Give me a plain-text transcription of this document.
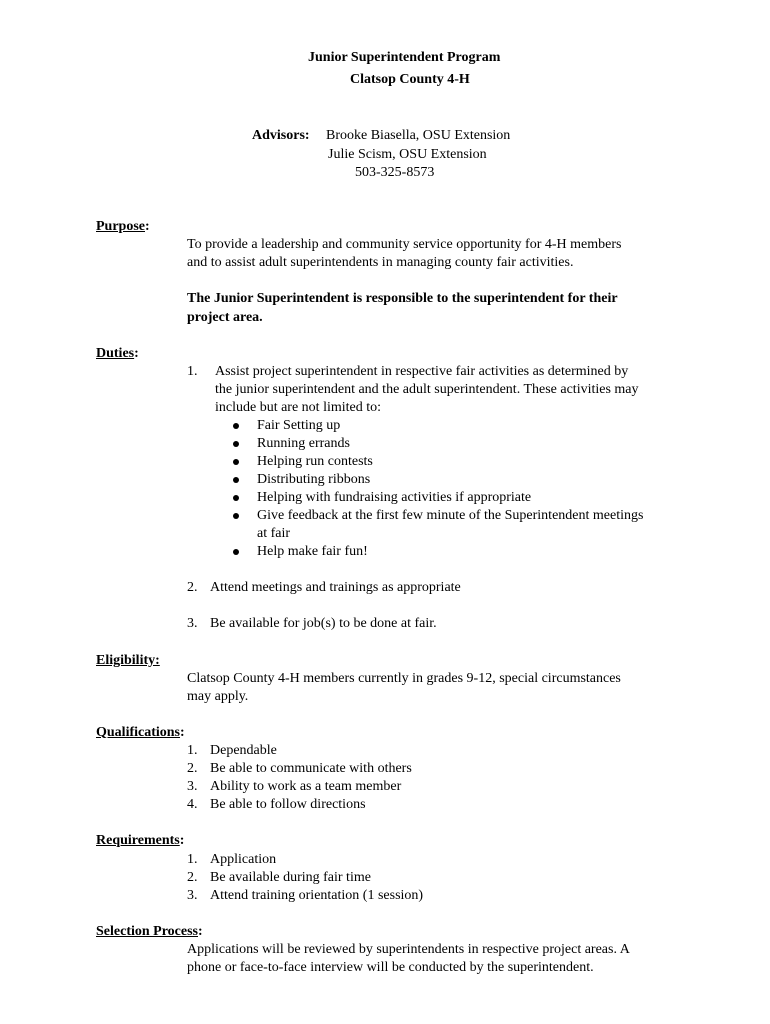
Junior Superintendent Program
Clatsop County 4-H
Advisors: Brooke Biasella, OSU Extension
Julie Scism, OSU Extension
503-325-8573
Purpose:
To provide a leadership and community service opportunity for 4-H members
and to assist adult superintendents in managing county fair activities.
The Junior Superintendent is responsible to the superintendent for their
project area.
Duties:
1. Assist project superintendent in respective fair activities as determined by
the junior superintendent and the adult superintendent. These activities may
include but are not limited to:
Fair Setting up
Running errands
Helping run contests
Distributing ribbons
Helping with fundraising activities if appropriate
Give feedback at the first few minute of the Superintendent meetings
at fair
Help make fair fun!
2. Attend meetings and trainings as appropriate
3. Be available for job(s) to be done at fair.
Eligibility:
Clatsop County 4-H members currently in grades 9-12, special circumstances
may apply.
Qualifications:
1. Dependable
2. Be able to communicate with others
3. Ability to work as a team member
4. Be able to follow directions
Requirements:
1. Application
2. Be available during fair time
3. Attend training orientation (1 session)
Selection Process:
Applications will be reviewed by superintendents in respective project areas. A
phone or face-to-face interview will be conducted by the superintendent.
